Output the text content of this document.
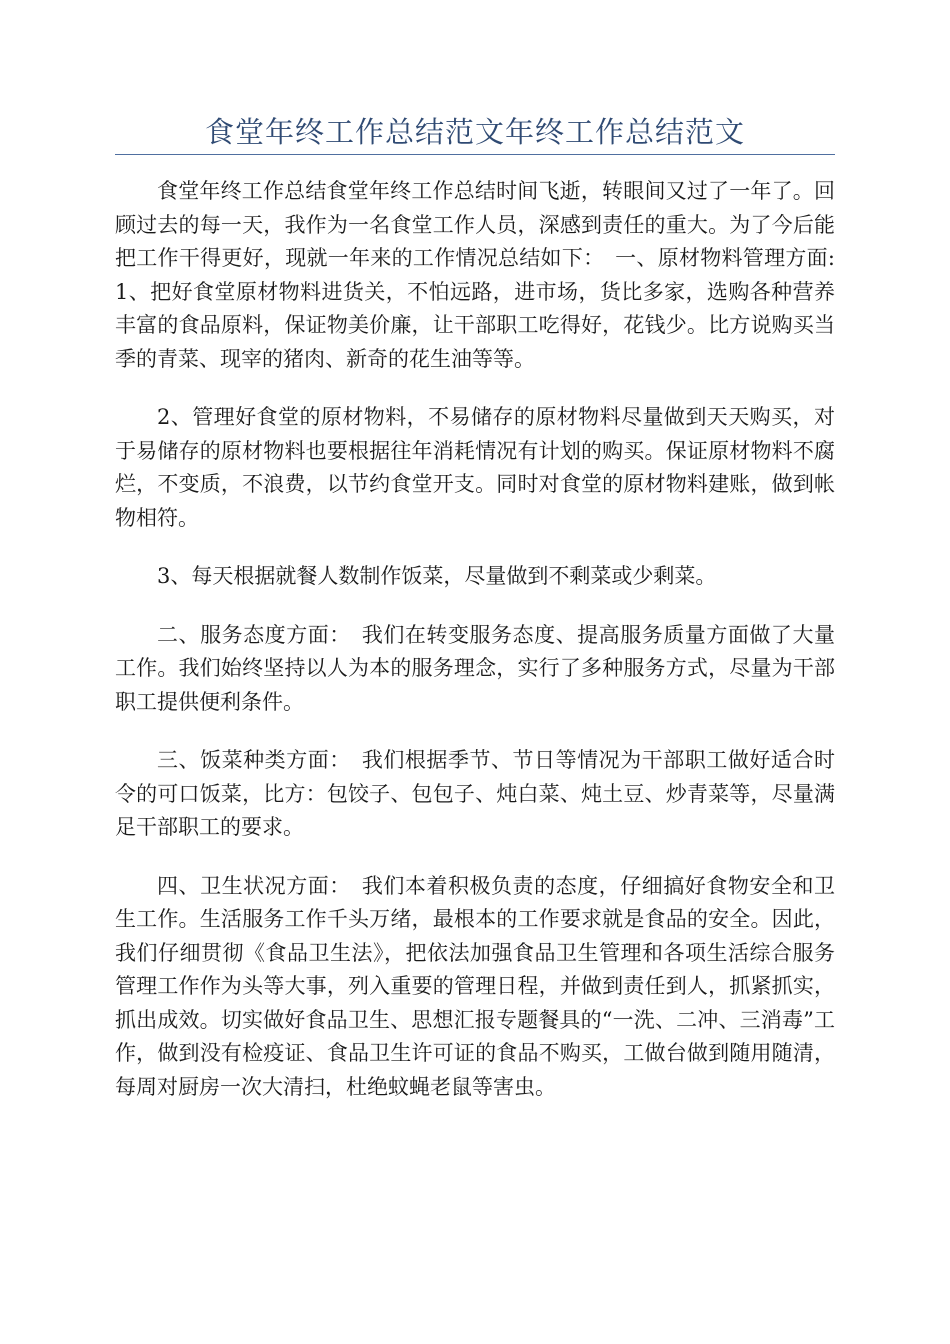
食堂年终工作总结范文年终工作总结范文

食堂年终工作总结食堂年终工作总结时间飞逝，转眼间又过了一年了。回顾过去的每一天，我作为一名食堂工作人员，深感到责任的重大。为了今后能把工作干得更好，现就一年来的工作情况总结如下：　一、原材物料管理方面:1、把好食堂原材物料进货关，不怕远路，进市场，货比多家，选购各种营养丰富的食品原料，保证物美价廉，让干部职工吃得好，花钱少。比方说购买当季的青菜、现宰的猪肉、新奇的花生油等等。

2、管理好食堂的原材物料，不易储存的原材物料尽量做到天天购买，对于易储存的原材物料也要根据往年消耗情况有计划的购买。保证原材物料不腐烂，不变质，不浪费，以节约食堂开支。同时对食堂的原材物料建账，做到帐物相符。

3、每天根据就餐人数制作饭菜，尽量做到不剩菜或少剩菜。

二、服务态度方面：　我们在转变服务态度、提高服务质量方面做了大量工作。我们始终坚持以人为本的服务理念，实行了多种服务方式，尽量为干部职工提供便利条件。

三、饭菜种类方面：　我们根据季节、节日等情况为干部职工做好适合时令的可口饭菜，比方：包饺子、包包子、炖白菜、炖土豆、炒青菜等，尽量满足干部职工的要求。

四、卫生状况方面：　我们本着积极负责的态度，仔细搞好食物安全和卫生工作。生活服务工作千头万绪，最根本的工作要求就是食品的安全。因此，我们仔细贯彻《食品卫生法》，把依法加强食品卫生管理和各项生活综合服务管理工作作为头等大事，列入重要的管理日程，并做到责任到人，抓紧抓实，抓出成效。切实做好食品卫生、思想汇报专题餐具的“一洗、二冲、三消毒”工作，做到没有检疫证、食品卫生许可证的食品不购买，工做台做到随用随清，每周对厨房一次大清扫，杜绝蚊蝇老鼠等害虫。
